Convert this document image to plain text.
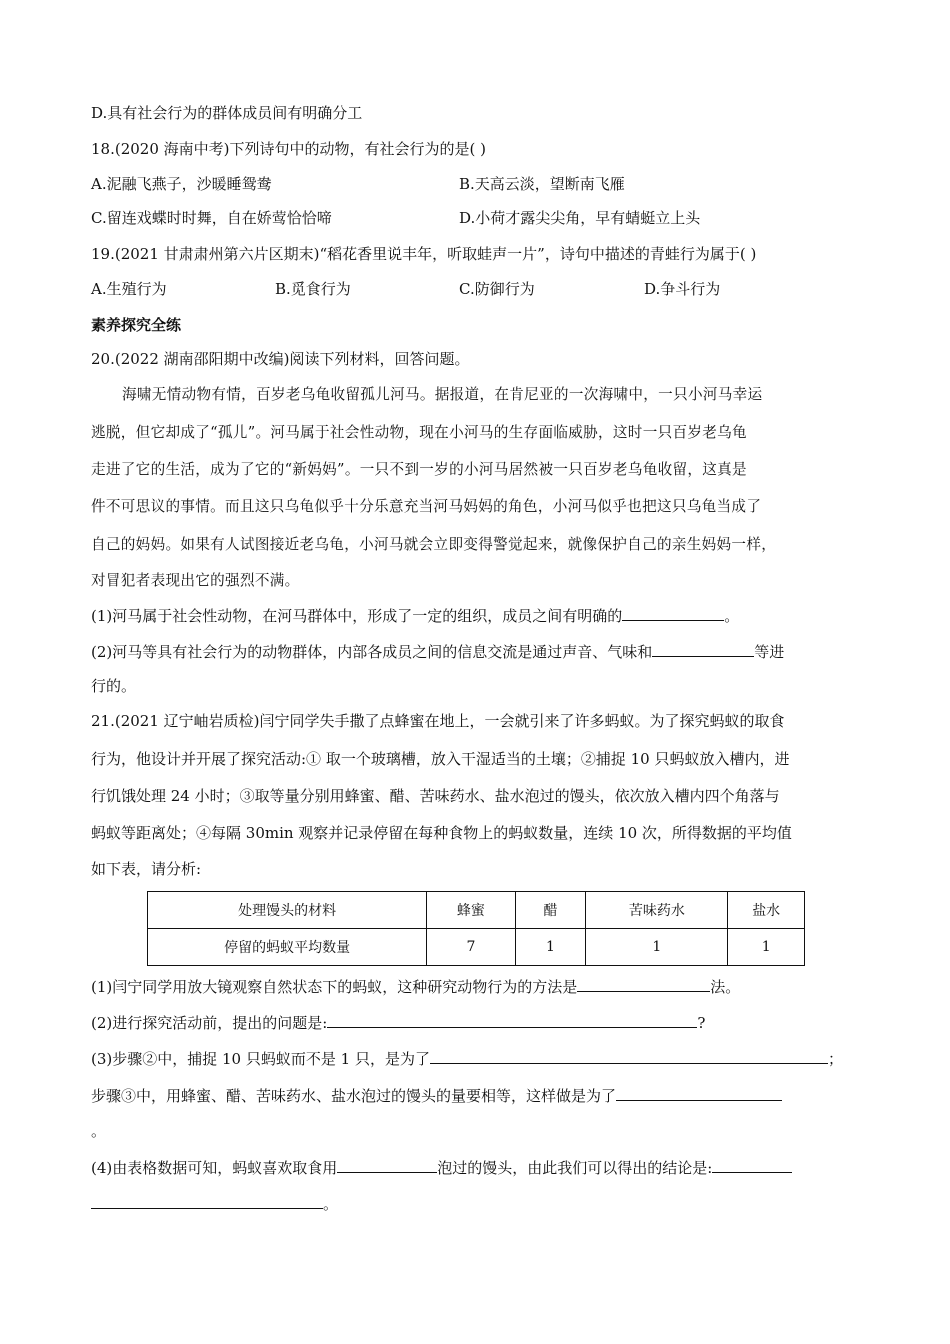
D.具有社会行为的群体成员间有明确分工
18.(2020 海南中考)下列诗句中的动物，有社会行为的是( )
A.泥融飞燕子，沙暖睡鸳鸯	B.天高云淡，望断南飞雁
C.留连戏蝶时时舞，自在娇莺恰恰啼	D.小荷才露尖尖角，早有蜻蜓立上头
19.(2021 甘肃肃州第六片区期末)“稻花香里说丰年，听取蛙声一片”，诗句中描述的青蛙行为属于( )
A.生殖行为	B.觅食行为	C.防御行为	D.争斗行为
素养探究全练
20.(2022 湖南邵阳期中改编)阅读下列材料，回答问题。
海啸无情动物有情，百岁老乌龟收留孤儿河马。据报道，在肯尼亚的一次海啸中，一只小河马幸运
逃脱，但它却成了“孤儿”。河马属于社会性动物，现在小河马的生存面临威胁，这时一只百岁老乌龟
走进了它的生活，成为了它的“新妈妈”。一只不到一岁的小河马居然被一只百岁老乌龟收留，这真是
件不可思议的事情。而且这只乌龟似乎十分乐意充当河马妈妈的角色，小河马似乎也把这只乌龟当成了
自己的妈妈。如果有人试图接近老乌龟，小河马就会立即变得警觉起来，就像保护自己的亲生妈妈一样，
对冒犯者表现出它的强烈不满。
(1)河马属于社会性动物，在河马群体中，形成了一定的组织，成员之间有明确的	。
(2)河马等具有社会行为的动物群体，内部各成员之间的信息交流是通过声音、气味和	等进
行的。
21.(2021 辽宁岫岩质检)闫宁同学失手撒了点蜂蜜在地上，一会就引来了许多蚂蚁。为了探究蚂蚁的取食
行为，他设计并开展了探究活动:① 取一个玻璃槽，放入干湿适当的土壤；②捕捉 10 只蚂蚁放入槽内，进
行饥饿处理 24 小时；③取等量分别用蜂蜜、醋、苦味药水、盐水泡过的馒头，依次放入槽内四个角落与
蚂蚁等距离处；④每隔 30min 观察并记录停留在每种食物上的蚂蚁数量，连续 10 次，所得数据的平均值
如下表，请分析:
处理馒头的材料	蜂蜜	醋	苦味药水	盐水
停留的蚂蚁平均数量	7	1	1	1
(1)闫宁同学用放大镜观察自然状态下的蚂蚁，这种研究动物行为的方法是	法。
(2)进行探究活动前，提出的问题是:	?
(3)步骤②中，捕捉 10 只蚂蚁而不是 1 只，是为了	；
步骤③中，用蜂蜜、醋、苦味药水、盐水泡过的馒头的量要相等，这样做是为了
。
(4)由表格数据可知，蚂蚁喜欢取食用	泡过的馒头，由此我们可以得出的结论是:
。
